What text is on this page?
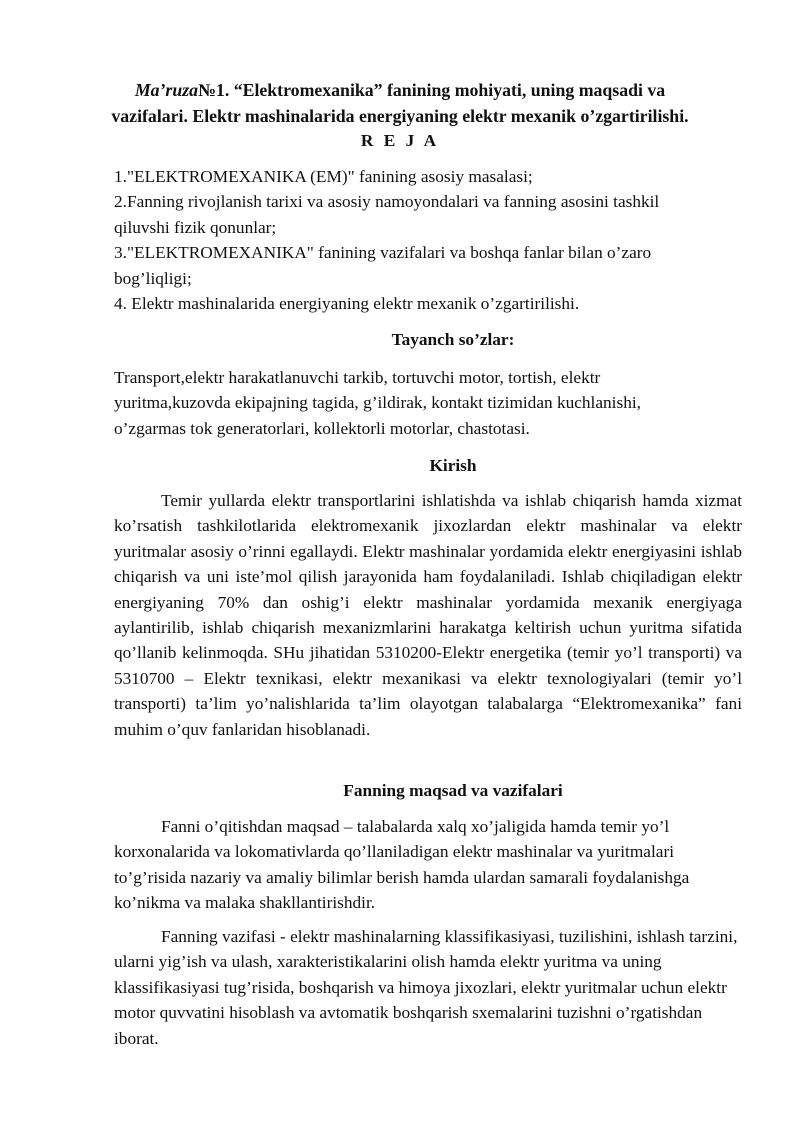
Ma’ruza№1. “Elektromexanika” fanining mohiyati, uning maqsadi va
vazifalari. Elektr mashinalarida energiyaning elektr mexanik o’zgartirilishi.
R E J A
1."ELEKTROMEXANIKA (EM)" fanining asosiy masalasi;
2.Fanning rivojlanish tarixi va asosiy namoyondalari va fanning asosini tashkil
qiluvshi fizik qonunlar;
3."ELEKTROMEXANIKA" fanining vazifalari va boshqa fanlar bilan o’zaro
bog’liqligi;
4. Elektr mashinalarida energiyaning elektr mexanik o’zgartirilishi.
Tayanch so’zlar:
Transport,elektr harakatlanuvchi tarkib, tortuvchi motor, tortish, elektr
yuritma,kuzovda ekipajning tagida, g’ildirak, kontakt tizimidan kuchlanishi,
o’zgarmas tok generatorlari, kollektorli motorlar, chastotasi.
Kirish
Temir yullarda elektr transportlarini ishlatishda va ishlab chiqarish hamda xizmat ko’rsatish tashkilotlarida elektromexanik jixozlardan elektr mashinalar va elektr yuritmalar asosiy o’rinni egallaydi. Elektr mashinalar yordamida elektr energiyasini ishlab chiqarish va uni iste’mol qilish jarayonida ham foydalaniladi. Ishlab chiqiladigan elektr energiyaning 70% dan oshig’i elektr mashinalar yordamida mexanik energiyaga aylantirilib, ishlab chiqarish mexanizmlarini harakatga keltirish uchun yuritma sifatida qo’llanib kelinmoqda. SHu jihatidan 5310200-Elektr energetika (temir yo’l transporti) va 5310700 – Elektr texnikasi, elektr mexanikasi va elektr texnologiyalari (temir yo’l transporti) ta’lim yo’nalishlarida ta’lim olayotgan talabalarga “Elektromexanika” fani muhim o’quv fanlaridan hisoblanadi.
Fanning maqsad va vazifalari
Fanni o’qitishdan maqsad – talabalarda xalq xo’jaligida hamda temir yo’l korxonalarida va lokomativlarda qo’llaniladigan elektr mashinalar va yuritmalari to’g’risida nazariy va amaliy bilimlar berish hamda ulardan samarali foydalanishga ko’nikma va malaka shakllantirishdir.
Fanning vazifasi - elektr mashinalarning klassifikasiyasi, tuzilishini, ishlash tarzini, ularni yig’ish va ulash, xarakteristikalarini olish hamda elektr yuritma va uning klassifikasiyasi tug’risida, boshqarish va himoya jixozlari, elektr yuritmalar uchun elektr motor quvvatini hisoblash va avtomatik boshqarish sxemalarini tuzishni o’rgatishdan iborat.
